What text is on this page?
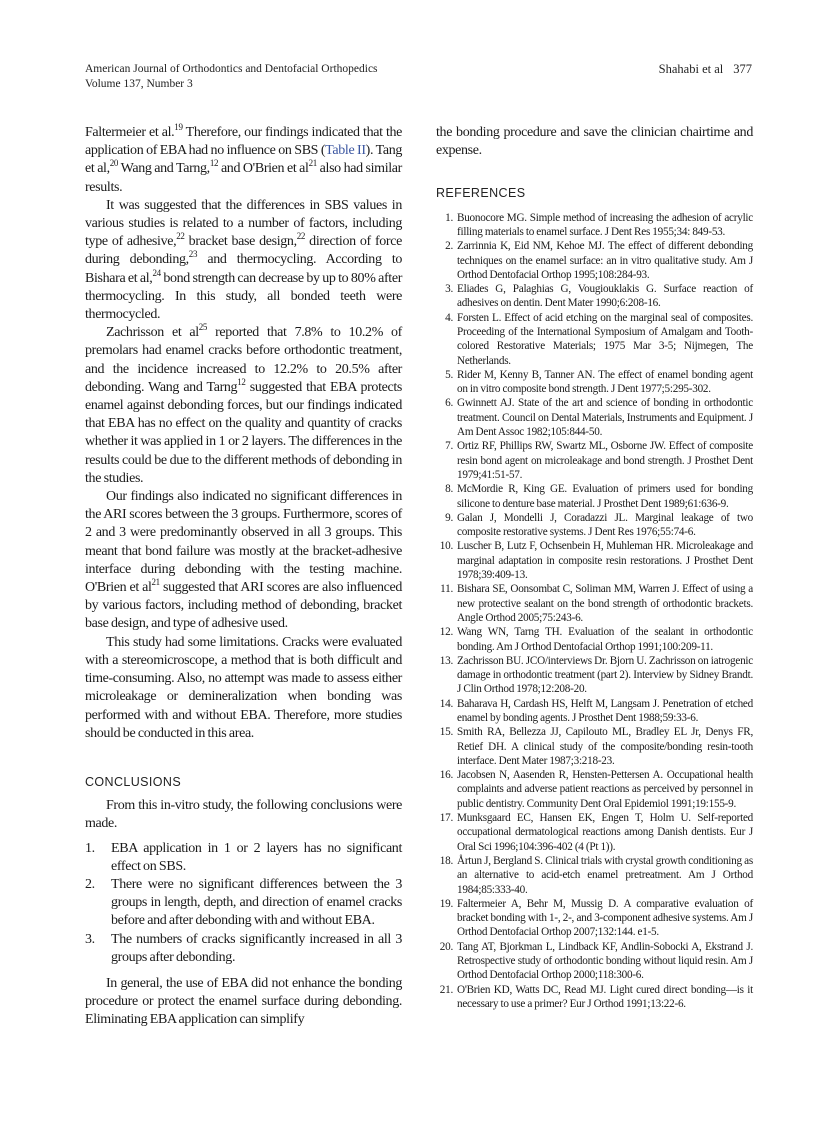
American Journal of Orthodontics and Dentofacial Orthopedics
Volume 137, Number 3
Shahabi et al 377

Faltermeier et al.$^{19}$ Therefore, our findings indicated that the application of EBA had no influence on SBS (Table II). Tang et al,$^{20}$ Wang and Tarng,$^{12}$ and O'Brien et $al^{21}$ also had similar results.

It was suggested that the differences in SBS values in various studies is related to a number of factors, including type of adhesive,$^{22}$ bracket base design,$^{22}$ direction of force during debonding,$^{23}$ and thermocycling. According to Bishara et al,$^{24}$ bond strength can decrease by up to 80% after thermocycling. In this study, all bonded teeth were thermocycled.

Zachrisson et $al^{25}$ reported that 7.8% to 10.2% of premolars had enamel cracks before orthodontic treatment, and the incidence increased to 12.2% to 20.5% after debonding. Wang and Tarng$^{12}$ suggested that EBA protects enamel against debonding forces, but our findings indicated that EBA has no effect on the quality and quantity of cracks whether it was applied in 1 or 2 layers. The differences in the results could be due to the different methods of debonding in the studies.

Our findings also indicated no significant differences in the ARI scores between the 3 groups. Furthermore, scores of 2 and 3 were predominantly observed in all 3 groups. This meant that bond failure was mostly at the bracket-adhesive interface during debonding with the testing machine. O'Brien et $al^{21}$ suggested that ARI scores are also influenced by various factors, including method of debonding, bracket base design, and type of adhesive used.

This study had some limitations. Cracks were evaluated with a stereomicroscope, a method that is both difficult and time-consuming. Also, no attempt was made to assess either microleakage or demineralization when bonding was performed with and without EBA. Therefore, more studies should be conducted in this area.

CONCLUSIONS

From this in-vitro study, the following conclusions were made.

1. EBA application in 1 or 2 layers has no significant effect on SBS.
2. There were no significant differences between the 3 groups in length, depth, and direction of enamel cracks before and after debonding with and without EBA.
3. The numbers of cracks significantly increased in all 3 groups after debonding.

In general, the use of EBA did not enhance the bonding procedure or protect the enamel surface during debonding. Eliminating EBA application can simplify

the bonding procedure and save the clinician chairtime and expense.

REFERENCES
1. Buonocore MG. Simple method of increasing the adhesion of acrylic filling materials to enamel surface. J Dent Res 1955;34: 849-53.
2. Zarrinnia K, Eid NM, Kehoe MJ. The effect of different debonding techniques on the enamel surface: an in vitro qualitative study. Am J Orthod Dentofacial Orthop 1995;108:284-93.
3. Eliades G, Palaghias G, Vougiouklakis G. Surface reaction of adhesives on dentin. Dent Mater 1990;6:208-16.
4. Forsten L. Effect of acid etching on the marginal seal of composites. Proceeding of the International Symposium of Amalgam and Tooth-colored Restorative Materials; 1975 Mar 3-5; Nijmegen, The Netherlands.
5. Rider M, Kenny B, Tanner AN. The effect of enamel bonding agent on in vitro composite bond strength. J Dent 1977;5:295-302.
6. Gwinnett AJ. State of the art and science of bonding in orthodontic treatment. Council on Dental Materials, Instruments and Equipment. J Am Dent Assoc 1982;105:844-50.
7. Ortiz RF, Phillips RW, Swartz ML, Osborne JW. Effect of composite resin bond agent on microleakage and bond strength. J Prosthet Dent 1979;41:51-57.
8. McMordie R, King GE. Evaluation of primers used for bonding silicone to denture base material. J Prosthet Dent 1989;61:636-9.
9. Galan J, Mondelli J, Coradazzi JL. Marginal leakage of two composite restorative systems. J Dent Res 1976;55:74-6.
10. Luscher B, Lutz F, Ochsenbein H, Muhleman HR. Microleakage and marginal adaptation in composite resin restorations. J Prosthet Dent 1978;39:409-13.
11. Bishara SE, Oonsombat C, Soliman MM, Warren J. Effect of using a new protective sealant on the bond strength of orthodontic brackets. Angle Orthod 2005;75:243-6.
12. Wang WN, Tarng TH. Evaluation of the sealant in orthodontic bonding. Am J Orthod Dentofacial Orthop 1991;100:209-11.
13. Zachrisson BU. JCO/interviews Dr. Bjorn U. Zachrisson on iatrogenic damage in orthodontic treatment (part 2). Interview by Sidney Brandt. J Clin Orthod 1978;12:208-20.
14. Baharava H, Cardash HS, Helft M, Langsam J. Penetration of etched enamel by bonding agents. J Prosthet Dent 1988;59:33-6.
15. Smith RA, Bellezza JJ, Capilouto ML, Bradley EL Jr, Denys FR, Retief DH. A clinical study of the composite/bonding resin-tooth interface. Dent Mater 1987;3:218-23.
16. Jacobsen N, Aasenden R, Hensten-Pettersen A. Occupational health complaints and adverse patient reactions as perceived by personnel in public dentistry. Community Dent Oral Epidemiol 1991;19:155-9.
17. Munksgaard EC, Hansen EK, Engen T, Holm U. Self-reported occupational dermatological reactions among Danish dentists. Eur J Oral Sci 1996;104:396-402 (4 (Pt 1)).
18. Årtun J, Bergland S. Clinical trials with crystal growth conditioning as an alternative to acid-etch enamel pretreatment. Am J Orthod 1984;85:333-40.
19. Faltermeier A, Behr M, Mussig D. A comparative evaluation of bracket bonding with 1-, 2-, and 3-component adhesive systems. Am J Orthod Dentofacial Orthop 2007;132:144. e1-5.
20. Tang AT, Bjorkman L, Lindback KF, Andlin-Sobocki A, Ekstrand J. Retrospective study of orthodontic bonding without liquid resin. Am J Orthod Dentofacial Orthop 2000;118:300-6.
21. O'Brien KD, Watts DC, Read MJ. Light cured direct bonding—is it necessary to use a primer? Eur J Orthod 1991;13:22-6.
